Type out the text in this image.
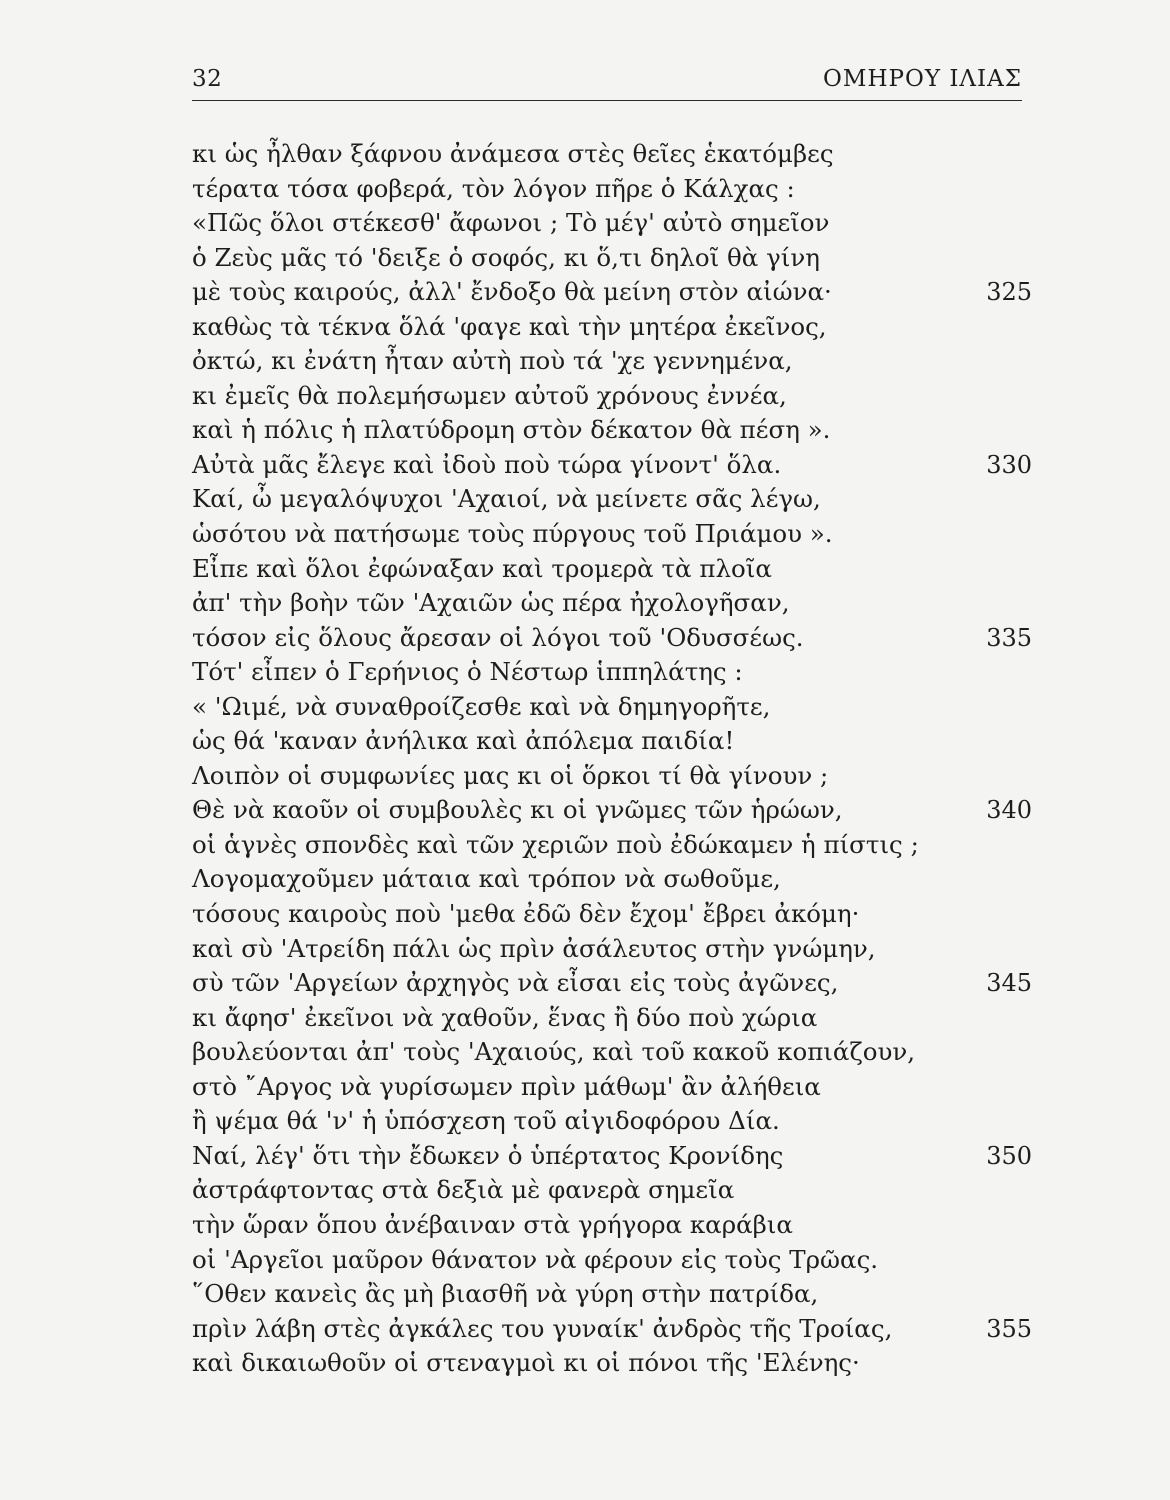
32	ΟΜΗΡΟΥ ΙΛΙΑΣ
κι ὡς ἦλθαν ξάφνου ἀνάμεσα στὲς θεῖες ἑκατόμβες
τέρατα τόσα φοβερά, τὸν λόγον πῆρε ὁ Κάλχας :
«Πῶς ὅλοι στέκεσθ' ἄφωνοι ; Τὸ μέγ' αὐτὸ σημεῖον
ὁ Ζεὺς μᾶς τό 'δειξε ὁ σοφός, κι ὅ,τι δηλοῖ θὰ γίνη
μὲ τοὺς καιρούς, ἀλλ' ἔνδοξο θὰ μείνη στὸν αἰώνα·	325
καθὼς τὰ τέκνα ὅλά 'φαγε καὶ τὴν μητέρα ἐκεῖνος,
ὀκτώ, κι ἐνάτη ἦταν αὐτὴ ποὺ τά 'χε γεννημένα,
κι ἐμεῖς θὰ πολεμήσωμεν αὐτοῦ χρόνους ἐννέα,
καὶ ἡ πόλις ἡ πλατύδρομη στὸν δέκατον θὰ πέση ».
Αὐτὰ μᾶς ἔλεγε καὶ ἰδοὺ ποὺ τώρα γίνοντ' ὅλα.	330
Καί, ὦ μεγαλόψυχοι 'Αχαιοί, νὰ μείνετε σᾶς λέγω,
ὡσότου νὰ πατήσωμε τοὺς πύργους τοῦ Πριάμου ».
Εἶπε καὶ ὅλοι ἐφώναξαν καὶ τρομερὰ τὰ πλοῖα
ἀπ' τὴν βοὴν τῶν 'Αχαιῶν ὡς πέρα ἠχολογῆσαν,
τόσον εἰς ὅλους ἄρεσαν οἱ λόγοι τοῦ 'Οδυσσέως.	335
Τότ' εἶπεν ὁ Γερήνιος ὁ Νέστωρ ἱππηλάτης :
« 'Ωιμέ, νὰ συναθροίζεσθε καὶ νὰ δημηγορῆτε,
ὡς θά 'καναν ἀνήλικα καὶ ἀπόλεμα παιδία!
Λοιπὸν οἱ συμφωνίες μας κι οἱ ὅρκοι τί θὰ γίνουν ;
Θὲ νὰ καοῦν οἱ συμβουλὲς κι οἱ γνῶμες τῶν ἡρώων,	340
οἱ ἁγνὲς σπονδὲς καὶ τῶν χεριῶν ποὺ ἐδώκαμεν ἡ πίστις ;
Λογομαχοῦμεν μάταια καὶ τρόπον νὰ σωθοῦμε,
τόσους καιροὺς ποὺ 'μεθα ἐδῶ δὲν ἔχομ' ἔβρει ἀκόμη·
καὶ σὺ 'Ατρείδη πάλι ὡς πρὶν ἀσάλευτος στὴν γνώμην,
σὺ τῶν 'Αργείων ἀρχηγὸς νὰ εἶσαι εἰς τοὺς ἀγῶνες,	345
κι ἄφησ' ἐκεῖνοι νὰ χαθοῦν, ἕνας ἢ δύο ποὺ χώρια
βουλεύονται ἀπ' τοὺς 'Αχαιούς, καὶ τοῦ κακοῦ κοπιάζουν,
στὸ ῎Αργος νὰ γυρίσωμεν πρὶν μάθωμ' ἂν ἀλήθεια
ἢ ψέμα θά 'ν' ἡ ὑπόσχεση τοῦ αἰγιδοφόρου Δία.
Ναί, λέγ' ὅτι τὴν ἔδωκεν ὁ ὑπέρτατος Κρονίδης	350
ἀστράφτοντας στὰ δεξιὰ μὲ φανερὰ σημεῖα
τὴν ὥραν ὅπου ἀνέβαιναν στὰ γρήγορα καράβια
οἱ 'Αργεῖοι μαῦρον θάνατον νὰ φέρουν εἰς τοὺς Τρῶας.
῞Οθεν κανεὶς ἂς μὴ βιασθῆ νὰ γύρη στὴν πατρίδα,
πρὶν λάβη στὲς ἀγκάλες του γυναίκ' ἀνδρὸς τῆς Τροίας,	355
καὶ δικαιωθοῦν οἱ στεναγμοὶ κι οἱ πόνοι τῆς 'Ελένης·
